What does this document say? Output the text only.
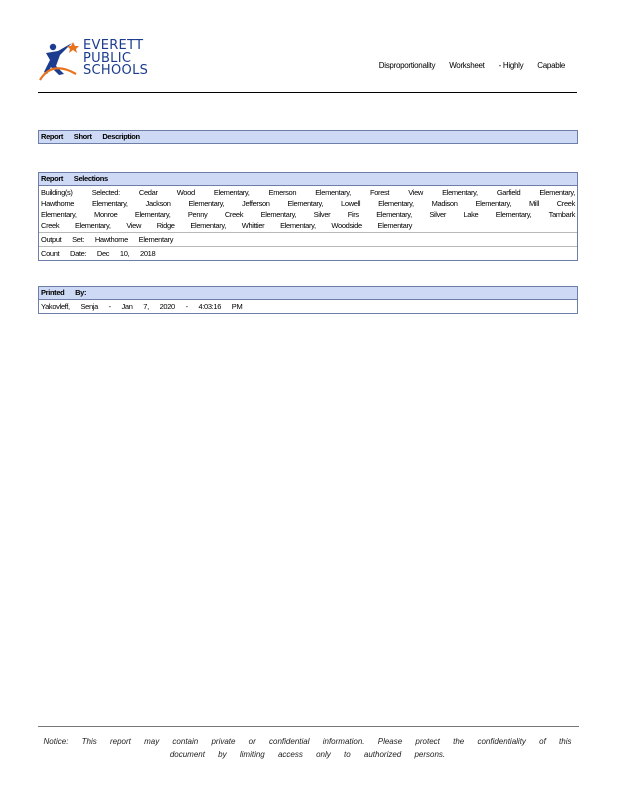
EVERETT
PUBLIC
SCHOOLS	Disproportionality Worksheet - Highly Capable
Report Short Description
Report Selections
Building(s) Selected: Cedar Wood Elementary, Emerson Elementary, Forest View Elementary, Garfield Elementary, Hawthorne Elementary, Jackson Elementary, Jefferson Elementary, Lowell Elementary, Madison Elementary, Mill Creek Elementary, Monroe Elementary, Penny Creek Elementary, Silver Firs Elementary, Silver Lake Elementary, Tambark Creek Elementary, View Ridge Elementary, Whittier Elementary, Woodside Elementary
Output Set: Hawthorne Elementary
Count Date: Dec 10, 2018
Printed By:
Yakovleff, Senja - Jan 7, 2020 - 4:03:16 PM
Notice: This report may contain private or confidential information. Please protect the confidentiality of this document by limiting access only to authorized persons.
